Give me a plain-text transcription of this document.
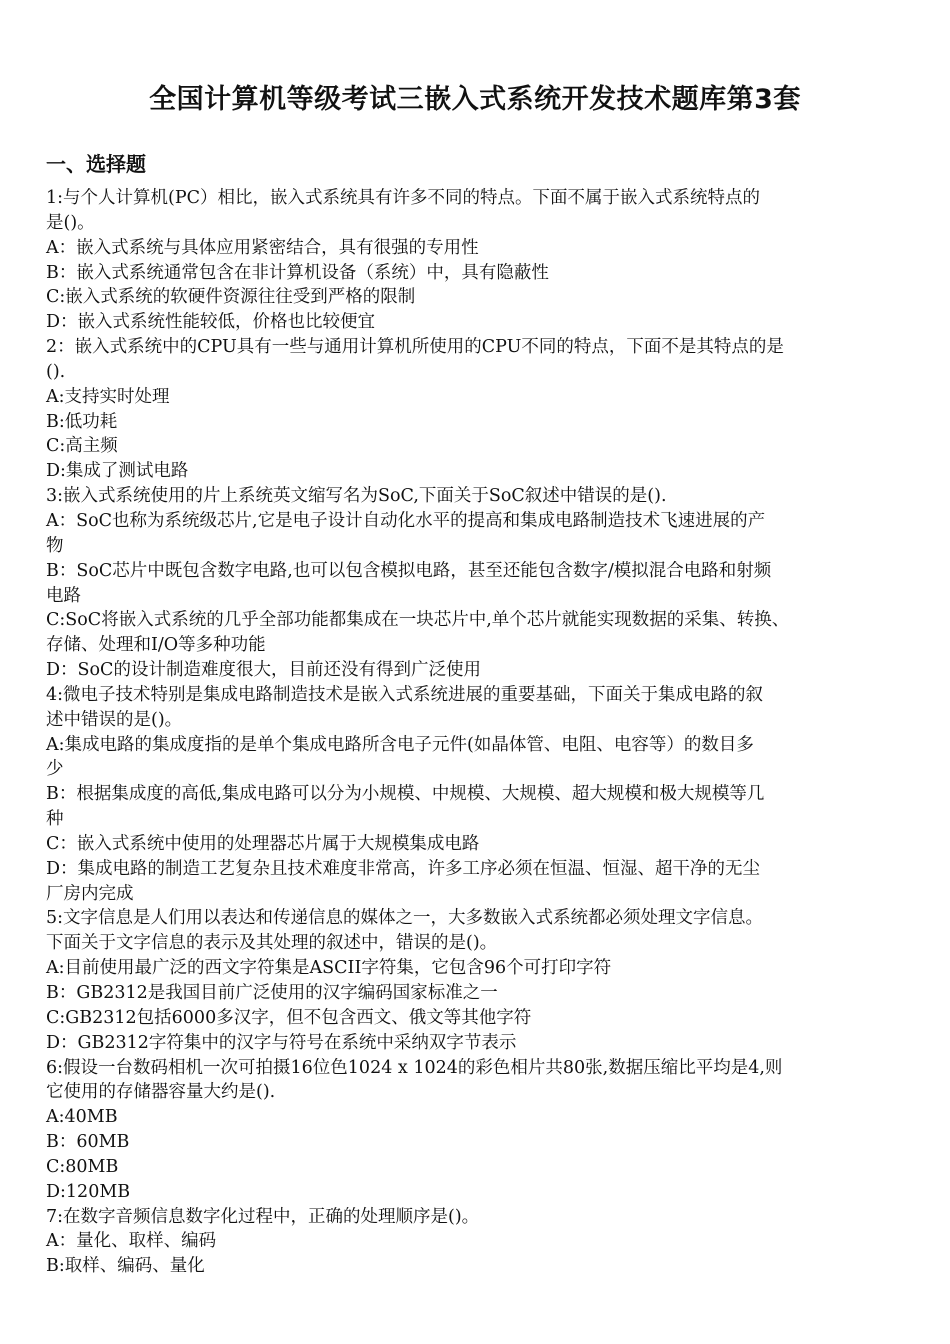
全国计算机等级考试三嵌入式系统开发技术题库第3套
一、选择题
1:与个人计算机(PC）相比，嵌入式系统具有许多不同的特点。下面不属于嵌入式系统特点的
是()。
A：嵌入式系统与具体应用紧密结合，具有很强的专用性
B：嵌入式系统通常包含在非计算机设备（系统）中，具有隐蔽性
C:嵌入式系统的软硬件资源往往受到严格的限制
D：嵌入式系统性能较低，价格也比较便宜
2：嵌入式系统中的CPU具有一些与通用计算机所使用的CPU不同的特点，下面不是其特点的是
().
A:支持实时处理
B:低功耗
C:高主频
D:集成了测试电路
3:嵌入式系统使用的片上系统英文缩写名为SoC,下面关于SoC叙述中错误的是().
A：SoC也称为系统级芯片,它是电子设计自动化水平的提高和集成电路制造技术飞速进展的产
物
B：SoC芯片中既包含数字电路,也可以包含模拟电路，甚至还能包含数字/模拟混合电路和射频
电路
C:SoC将嵌入式系统的几乎全部功能都集成在一块芯片中,单个芯片就能实现数据的采集、转换、
存储、处理和I/O等多种功能
D：SoC的设计制造难度很大，目前还没有得到广泛使用
4:微电子技术特别是集成电路制造技术是嵌入式系统进展的重要基础，下面关于集成电路的叙
述中错误的是()。
A:集成电路的集成度指的是单个集成电路所含电子元件(如晶体管、电阻、电容等）的数目多
少
B：根据集成度的高低,集成电路可以分为小规模、中规模、大规模、超大规模和极大规模等几
种
C：嵌入式系统中使用的处理器芯片属于大规模集成电路
D：集成电路的制造工艺复杂且技术难度非常高，许多工序必须在恒温、恒湿、超干净的无尘
厂房内完成
5:文字信息是人们用以表达和传递信息的媒体之一，大多数嵌入式系统都必须处理文字信息。
下面关于文字信息的表示及其处理的叙述中，错误的是()。
A:目前使用最广泛的西文字符集是ASCII字符集，它包含96个可打印字符
B：GB2312是我国目前广泛使用的汉字编码国家标准之一
C:GB2312包括6000多汉字，但不包含西文、俄文等其他字符
D：GB2312字符集中的汉字与符号在系统中采纳双字节表示
6:假设一台数码相机一次可拍摄16位色1024 x 1024的彩色相片共80张,数据压缩比平均是4,则
它使用的存储器容量大约是().
A:40MB
B：60MB
C:80MB
D:120MB
7:在数字音频信息数字化过程中，正确的处理顺序是()。
A：量化、取样、编码
B:取样、编码、量化
